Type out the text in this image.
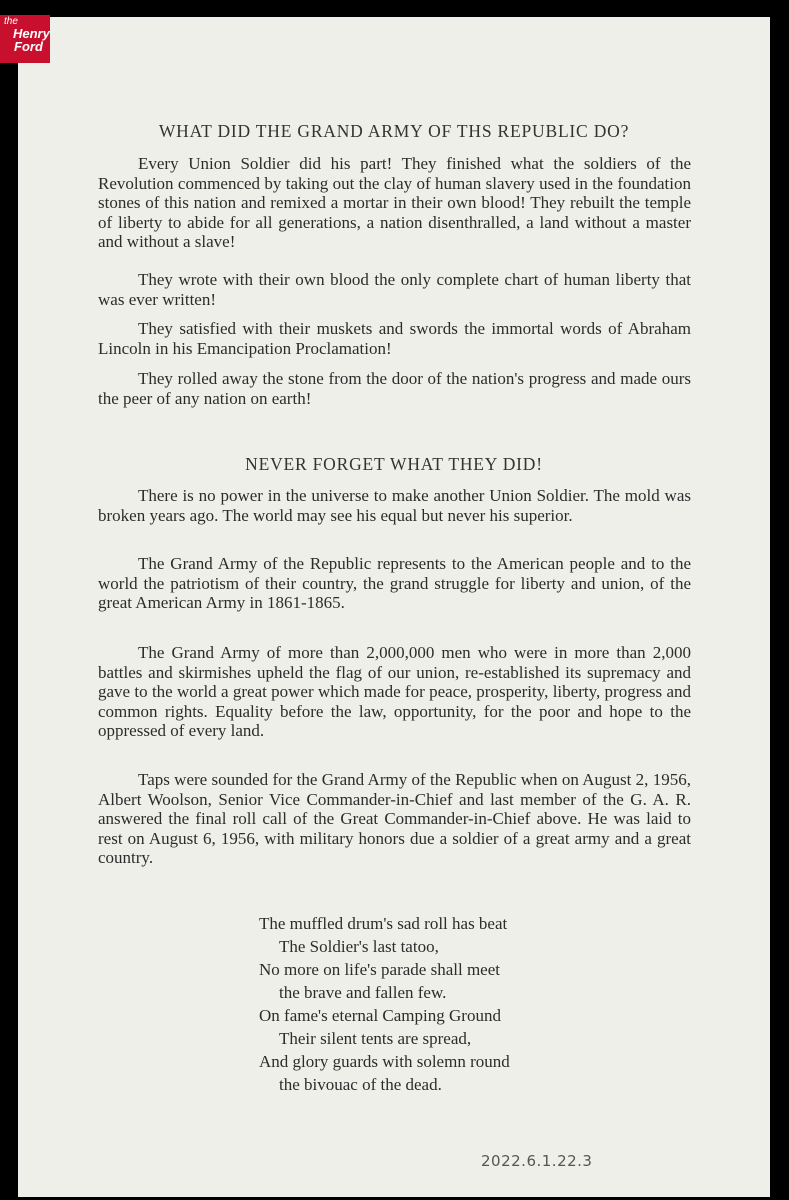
the
Henry
Ford
WHAT DID THE GRAND ARMY OF THS REPUBLIC DO?

Every Union Soldier did his part! They finished what the soldiers of the Revolution commenced by taking out the clay of human slavery used in the foundation stones of this nation and remixed a mortar in their own blood! They rebuilt the temple of liberty to abide for all generations, a nation disenthralled, a land without a master and without a slave!

They wrote with their own blood the only complete chart of human liberty that was ever written!

They satisfied with their muskets and swords the immortal words of Abraham Lincoln in his Emancipation Proclamation!

They rolled away the stone from the door of the nation's progress and made ours the peer of any nation on earth!

NEVER FORGET WHAT THEY DID!

There is no power in the universe to make another Union Soldier. The mold was broken years ago. The world may see his equal but never his superior.

The Grand Army of the Republic represents to the American people and to the world the patriotism of their country, the grand struggle for liberty and union, of the great American Army in 1861-1865.

The Grand Army of more than 2,000,000 men who were in more than 2,000 battles and skirmishes upheld the flag of our union, re-established its supremacy and gave to the world a great power which made for peace, prosperity, liberty, progress and common rights. Equality before the law, opportunity, for the poor and hope to the oppressed of every land.

Taps were sounded for the Grand Army of the Republic when on August 2, 1956, Albert Woolson, Senior Vice Commander-in-Chief and last member of the G. A. R. answered the final roll call of the Great Commander-in-Chief above. He was laid to rest on August 6, 1956, with military honors due a soldier of a great army and a great country.

The muffled drum's sad roll has beat
The Soldier's last tatoo,
No more on life's parade shall meet
the brave and fallen few.
On fame's eternal Camping Ground
Their silent tents are spread,
And glory guards with solemn round
the bivouac of the dead.
2022.6.1.22.3
